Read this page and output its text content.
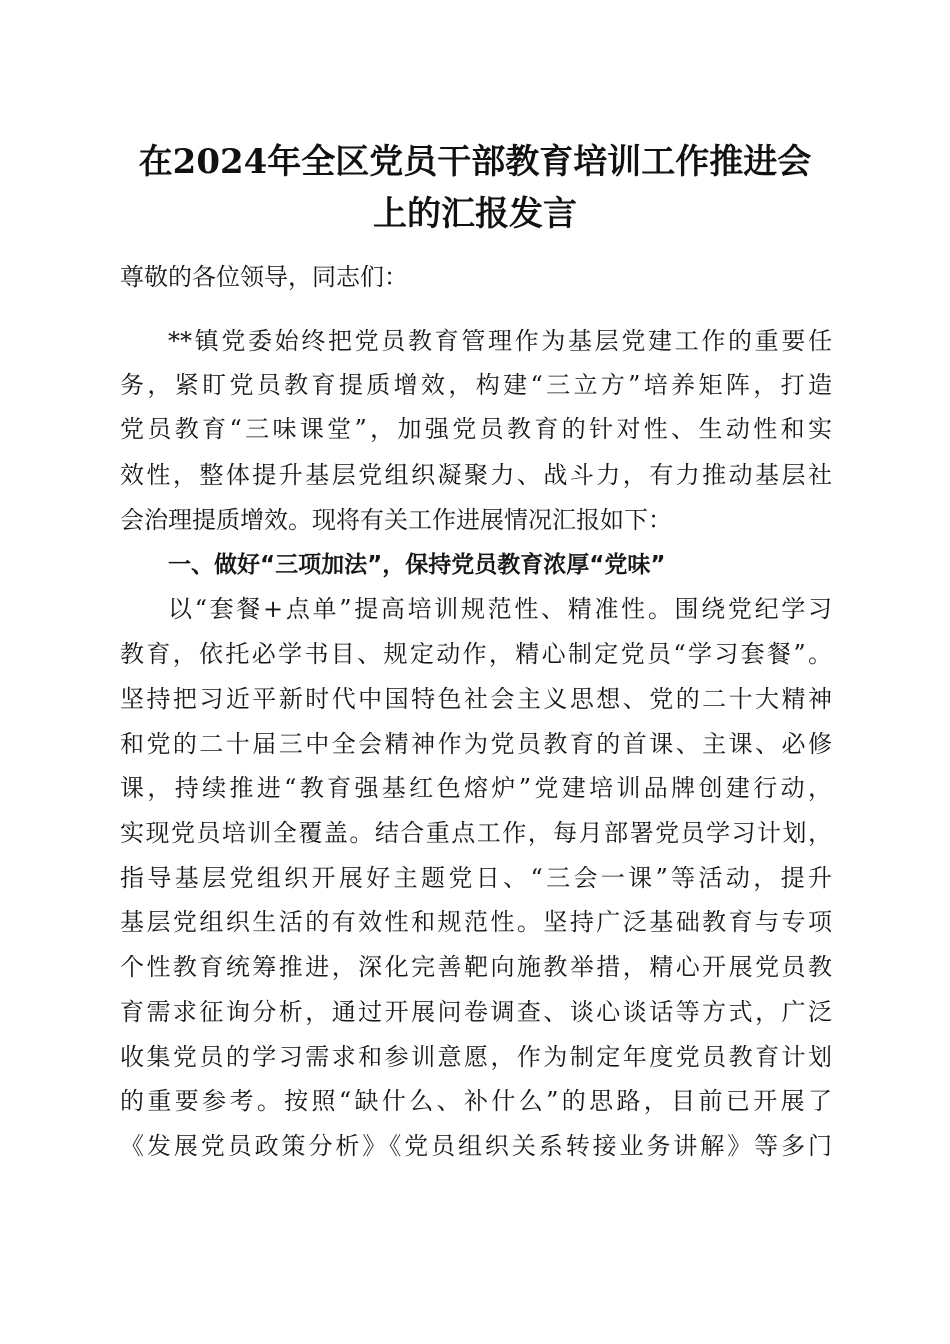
在2024年全区党员干部教育培训工作推进会
上的汇报发言
尊敬的各位领导，同志们：
**镇党委始终把党员教育管理作为基层党建工作的重要任
务，紧盯党员教育提质增效，构建“三立方”培养矩阵，打造
党员教育“三味课堂”，加强党员教育的针对性、生动性和实
效性，整体提升基层党组织凝聚力、战斗力，有力推动基层社
会治理提质增效。现将有关工作进展情况汇报如下：
一、做好“三项加法”，保持党员教育浓厚“党味”
以“套餐+点单”提高培训规范性、精准性。围绕党纪学习
教育，依托必学书目、规定动作，精心制定党员“学习套餐”。
坚持把习近平新时代中国特色社会主义思想、党的二十大精神
和党的二十届三中全会精神作为党员教育的首课、主课、必修
课，持续推进“教育强基红色熔炉”党建培训品牌创建行动，
实现党员培训全覆盖。结合重点工作，每月部署党员学习计划，
指导基层党组织开展好主题党日、“三会一课”等活动，提升
基层党组织生活的有效性和规范性。坚持广泛基础教育与专项
个性教育统筹推进，深化完善靶向施教举措，精心开展党员教
育需求征询分析，通过开展问卷调查、谈心谈话等方式，广泛
收集党员的学习需求和参训意愿，作为制定年度党员教育计划
的重要参考。按照“缺什么、补什么”的思路，目前已开展了
《发展党员政策分析》《党员组织关系转接业务讲解》等多门
